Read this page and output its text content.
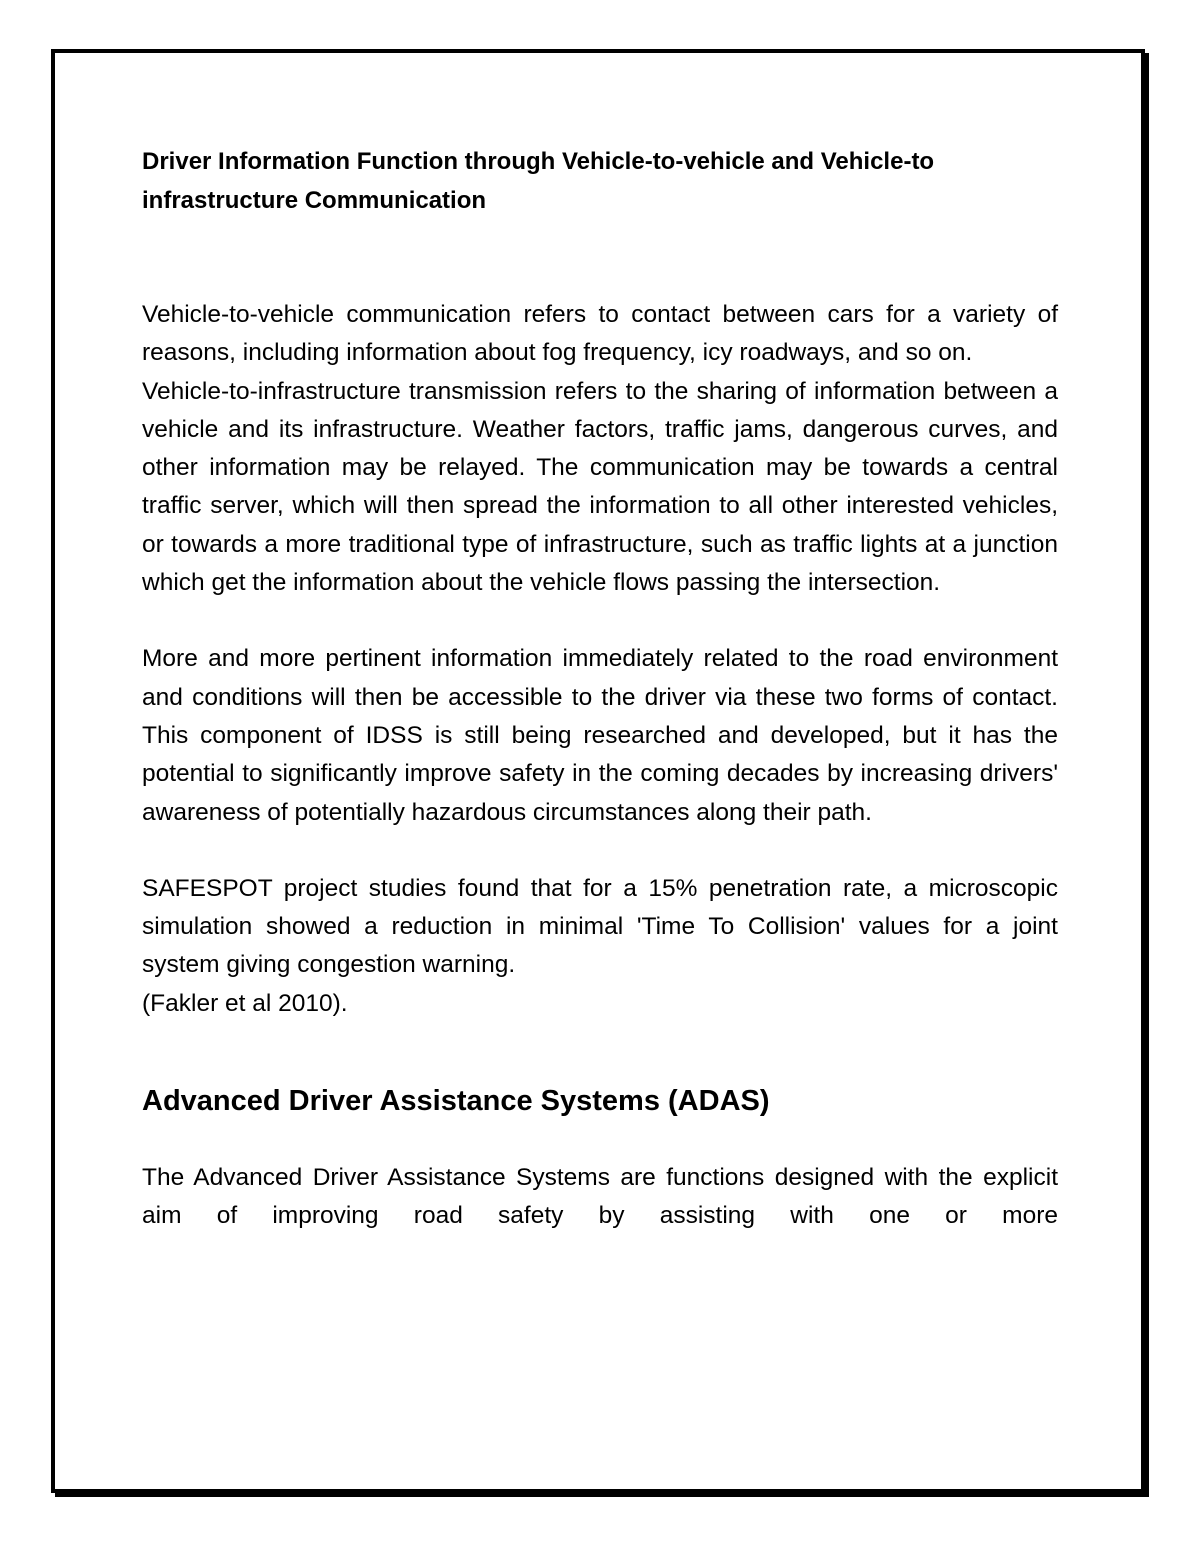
Driver Information Function through Vehicle-to-vehicle and Vehicle-to infrastructure Communication

Vehicle-to-vehicle communication refers to contact between cars for a variety of reasons, including information about fog frequency, icy roadways, and so on.

Vehicle-to-infrastructure transmission refers to the sharing of information between a vehicle and its infrastructure. Weather factors, traffic jams, dangerous curves, and other information may be relayed. The communication may be towards a central traffic server, which will then spread the information to all other interested vehicles, or towards a more traditional type of infrastructure, such as traffic lights at a junction which get the information about the vehicle flows passing the intersection.

More and more pertinent information immediately related to the road environment and conditions will then be accessible to the driver via these two forms of contact. This component of IDSS is still being researched and developed, but it has the potential to significantly improve safety in the coming decades by increasing drivers' awareness of potentially hazardous circumstances along their path.

SAFESPOT project studies found that for a 15% penetration rate, a microscopic simulation showed a reduction in minimal 'Time To Collision' values for a joint system giving congestion warning.

(Fakler et al 2010).

Advanced Driver Assistance Systems (ADAS)

The Advanced Driver Assistance Systems are functions designed with the explicit aim of improving road safety by assisting with one or more
